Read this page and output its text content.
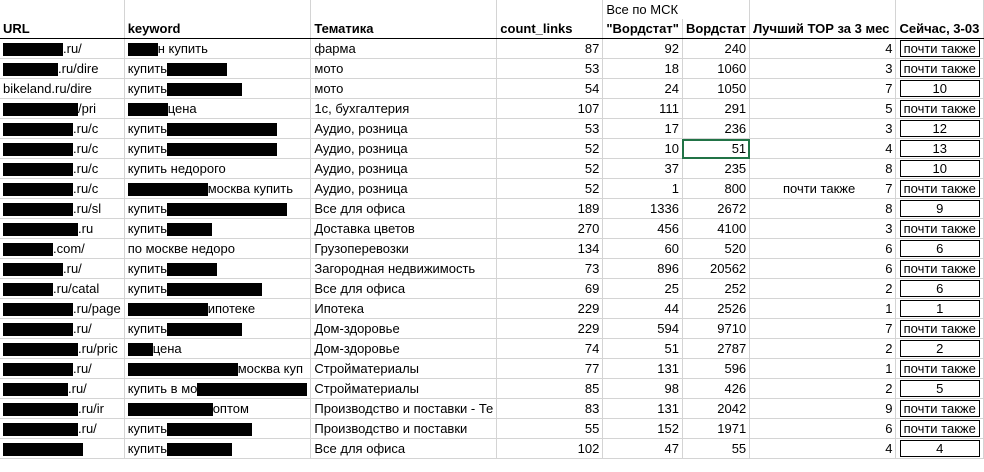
				Все по МСК			
URL	keyword	Тематика	count_links	"Вордстат"	Вордстат	Лучший ТОР за 3 мес	Сейчас, 3-03
.ru/	н купить	фарма	87	92	240	4	почти также
.ru/dire	купить	мото	53	18	1060	3	почти также
bikeland.ru/dire	купить	мото	54	24	1050	7	10
/pri	цена	1с, бухгалтерия	107	111	291	5	почти также
.ru/c	купить	Аудио, розница	53	17	236	3	12
.ru/c	купить	Аудио, розница	52	10	51	4	13
.ru/c	купить недорого	Аудио, розница	52	37	235	8	10
.ru/c	москва купить	Аудио, розница	52	1	800	почти также 7	почти также
.ru/sl	купить	Все для офиса	189	1336	2672	8	9
.ru	купить	Доставка цветов	270	456	4100	3	почти также
.com/	по москве недоро	Грузоперевозки	134	60	520	6	6
.ru/	купить	Загородная недвижимость	73	896	20562	6	почти также
.ru/catal	купить	Все для офиса	69	25	252	2	6
.ru/page	ипотеке	Ипотека	229	44	2526	1	1
.ru/	купить	Дом-здоровье	229	594	9710	7	почти также
.ru/pric	цена	Дом-здоровье	74	51	2787	2	2
.ru/	москва куп	Стройматериалы	77	131	596	1	почти также
.ru/	купить в мо	Стройматериалы	85	98	426	2	5
.ru/ir	оптом	Производство и поставки - Те	83	131	2042	9	почти также
.ru/	купить	Производство и поставки	55	152	1971	6	почти также
	купить	Все для офиса	102	47	55	4	4
